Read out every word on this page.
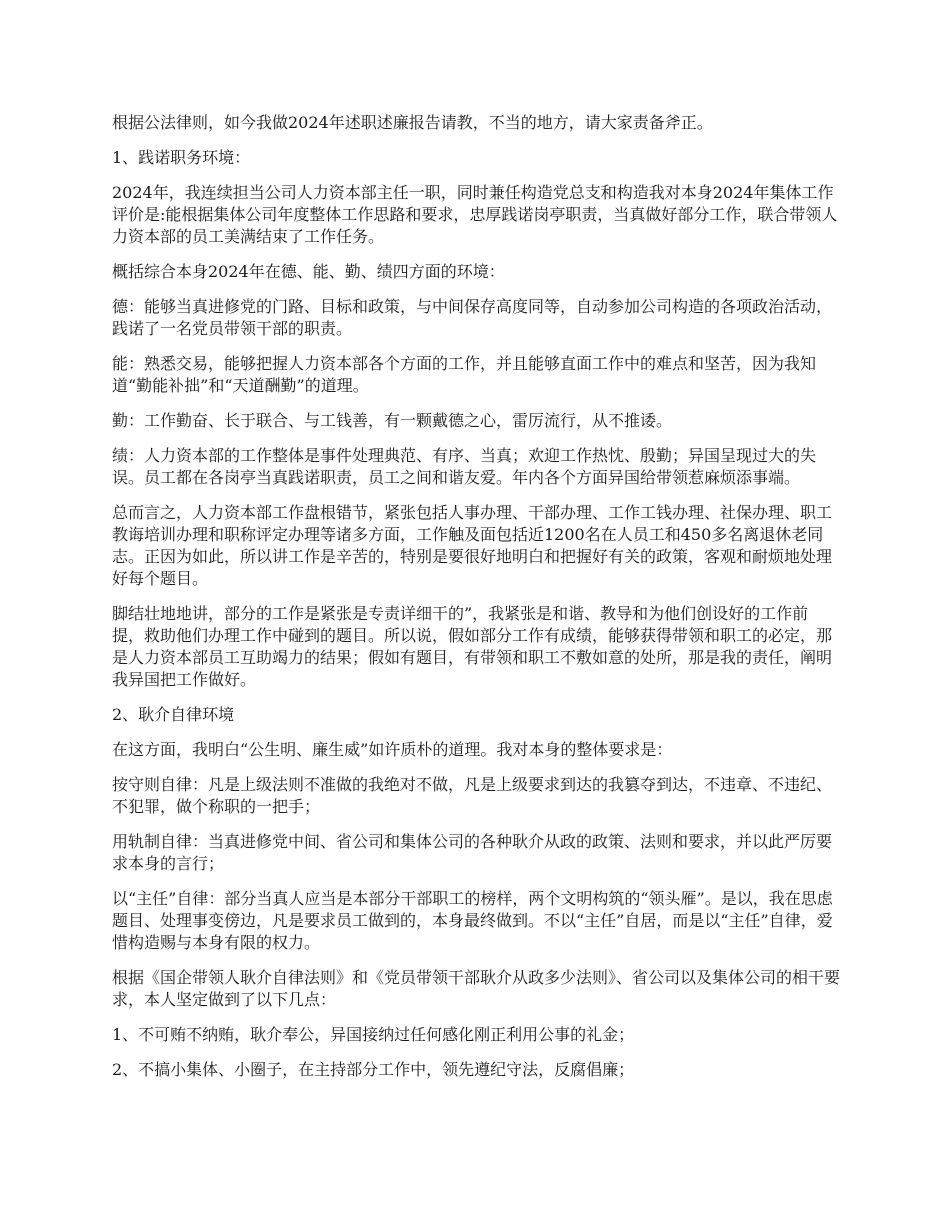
根据公法律则，如今我做2024年述职述廉报告请教，不当的地方，请大家责备斧正。

1、践诺职务环境：

2024年，我连续担当公司人力资本部主任一职，同时兼任构造党总支和构造我对本身2024年集体工作评价是:能根据集体公司年度整体工作思路和要求，忠厚践诺岗亭职责，当真做好部分工作，联合带领人力资本部的员工美满结束了工作任务。

概括综合本身2024年在德、能、勤、绩四方面的环境：

德：能够当真进修党的门路、目标和政策，与中间保存高度同等，自动参加公司构造的各项政治活动，践诺了一名党员带领干部的职责。

能：熟悉交易，能够把握人力资本部各个方面的工作，并且能够直面工作中的难点和坚苦，因为我知道“勤能补拙”和“天道酬勤”的道理。

勤：工作勤奋、长于联合、与工钱善，有一颗戴德之心，雷厉流行，从不推诿。

绩：人力资本部的工作整体是事件处理典范、有序、当真；欢迎工作热忱、殷勤；异国呈现过大的失误。员工都在各岗亭当真践诺职责，员工之间和谐友爱。年内各个方面异国给带领惹麻烦添事端。

总而言之，人力资本部工作盘根错节，紧张包括人事办理、干部办理、工作工钱办理、社保办理、职工教诲培训办理和职称评定办理等诸多方面，工作触及面包括近1200名在人员工和450多名离退休老同志。正因为如此，所以讲工作是辛苦的，特别是要很好地明白和把握好有关的政策，客观和耐烦地处理好每个题目。

脚结壮地地讲，部分的工作是紧张是专责详细干的”，我紧张是和谐、教导和为他们创设好的工作前提，救助他们办理工作中碰到的题目。所以说，假如部分工作有成绩，能够获得带领和职工的必定，那是人力资本部员工互助竭力的结果；假如有题目，有带领和职工不敷如意的处所，那是我的责任，阐明我异国把工作做好。

2、耿介自律环境

在这方面，我明白“公生明、廉生威”如许质朴的道理。我对本身的整体要求是：

按守则自律：凡是上级法则不准做的我绝对不做，凡是上级要求到达的我篡夺到达，不违章、不违纪、不犯罪，做个称职的一把手；

用轨制自律：当真进修党中间、省公司和集体公司的各种耿介从政的政策、法则和要求，并以此严厉要求本身的言行；

以“主任”自律：部分当真人应当是本部分干部职工的榜样，两个文明构筑的“领头雁”。是以，我在思虑题目、处理事变傍边，凡是要求员工做到的，本身最终做到。不以“主任”自居，而是以“主任”自律，爱惜构造赐与本身有限的权力。

根据《国企带领人耿介自律法则》和《党员带领干部耿介从政多少法则》、省公司以及集体公司的相干要求，本人坚定做到了以下几点：

1、不可贿不纳贿，耿介奉公，异国接纳过任何感化刚正利用公事的礼金；

2、不搞小集体、小圈子，在主持部分工作中，领先遵纪守法，反腐倡廉；
